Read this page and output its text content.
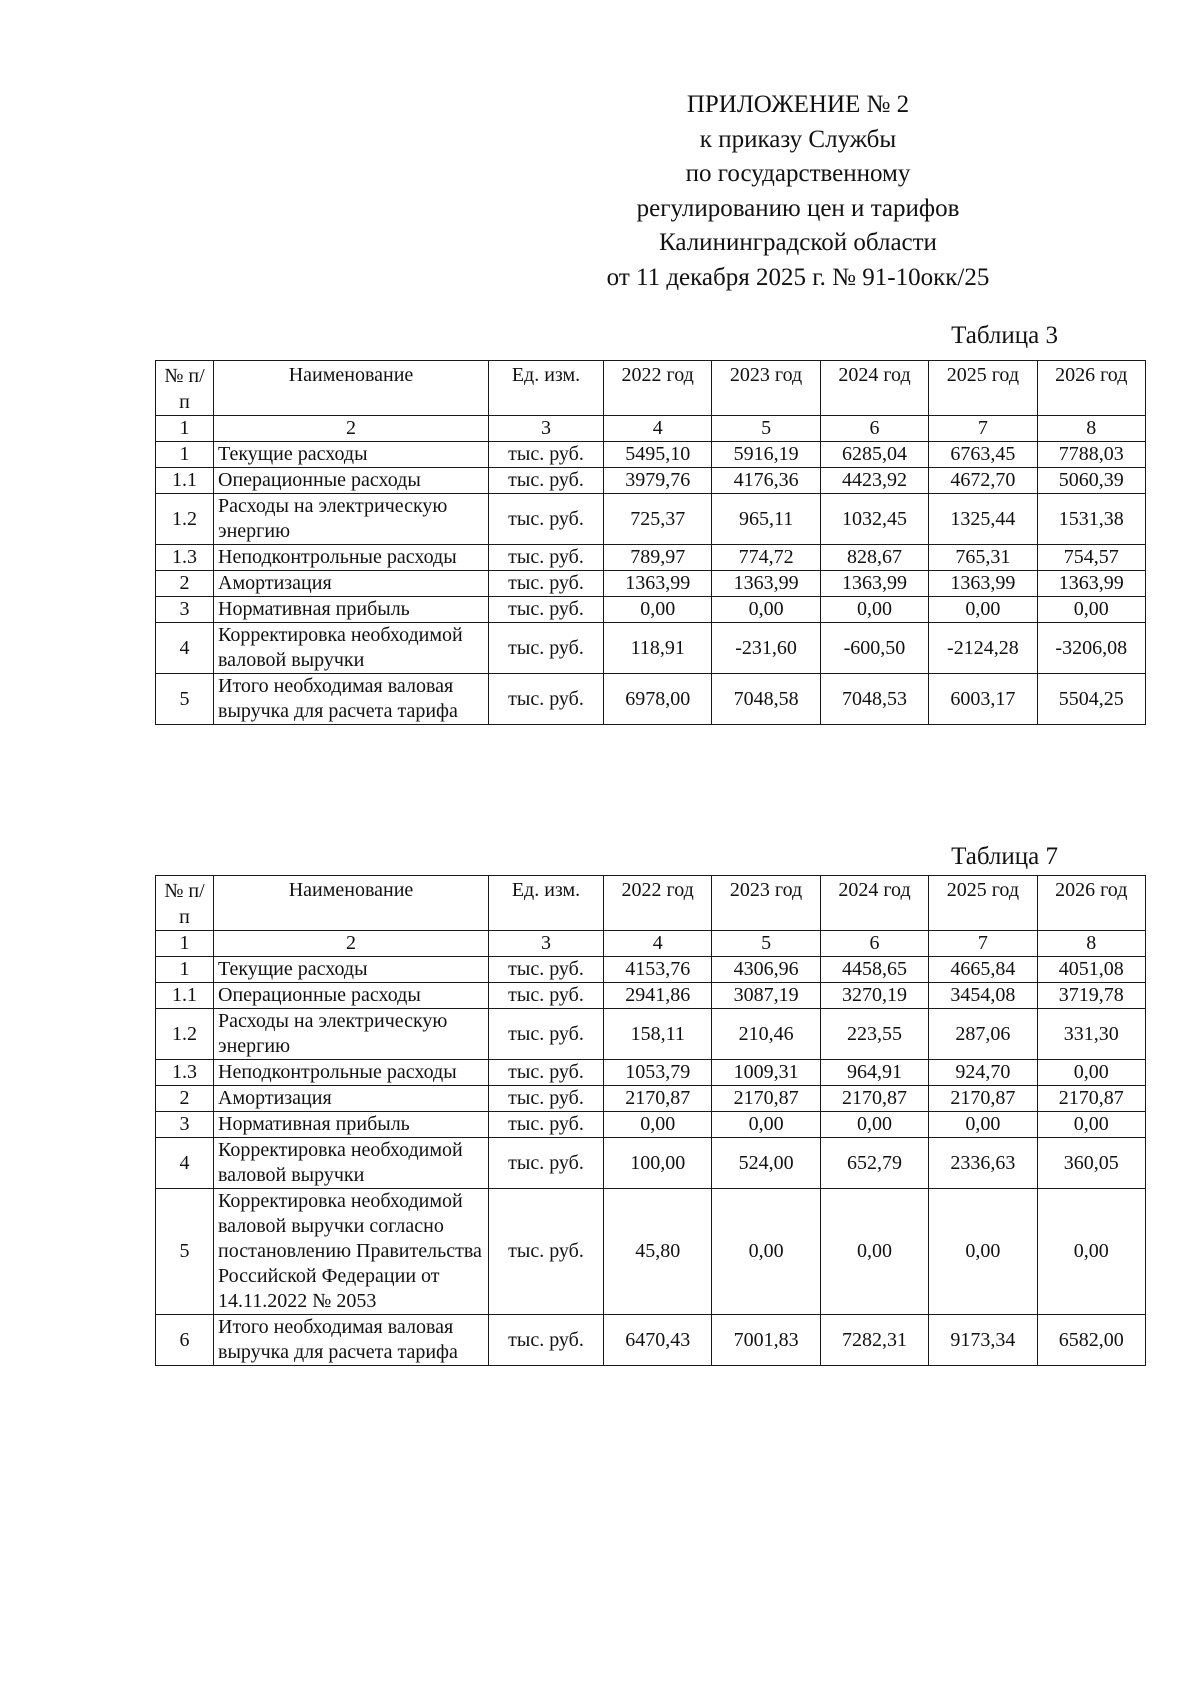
ПРИЛОЖЕНИЕ № 2
к приказу Службы
по государственному
регулированию цен и тарифов
Калининградской области
от 11 декабря 2025 г. № 91-10окк/25
Таблица 3
№ п/п	Наименование	Ед. изм.	2022 год	2023 год	2024 год	2025 год	2026 год
1	2	3	4	5	6	7	8
1	Текущие расходы	тыс. руб.	5495,10	5916,19	6285,04	6763,45	7788,03
1.1	Операционные расходы	тыс. руб.	3979,76	4176,36	4423,92	4672,70	5060,39
1.2	Расходы на электрическую энергию	тыс. руб.	725,37	965,11	1032,45	1325,44	1531,38
1.3	Неподконтрольные расходы	тыс. руб.	789,97	774,72	828,67	765,31	754,57
2	Амортизация	тыс. руб.	1363,99	1363,99	1363,99	1363,99	1363,99
3	Нормативная прибыль	тыс. руб.	0,00	0,00	0,00	0,00	0,00
4	Корректировка необходимой валовой выручки	тыс. руб.	118,91	-231,60	-600,50	-2124,28	-3206,08
5	Итого необходимая валовая выручка для расчета тарифа	тыс. руб.	6978,00	7048,58	7048,53	6003,17	5504,25
Таблица 7
№ п/п	Наименование	Ед. изм.	2022 год	2023 год	2024 год	2025 год	2026 год
1	2	3	4	5	6	7	8
1	Текущие расходы	тыс. руб.	4153,76	4306,96	4458,65	4665,84	4051,08
1.1	Операционные расходы	тыс. руб.	2941,86	3087,19	3270,19	3454,08	3719,78
1.2	Расходы на электрическую энергию	тыс. руб.	158,11	210,46	223,55	287,06	331,30
1.3	Неподконтрольные расходы	тыс. руб.	1053,79	1009,31	964,91	924,70	0,00
2	Амортизация	тыс. руб.	2170,87	2170,87	2170,87	2170,87	2170,87
3	Нормативная прибыль	тыс. руб.	0,00	0,00	0,00	0,00	0,00
4	Корректировка необходимой валовой выручки	тыс. руб.	100,00	524,00	652,79	2336,63	360,05
5	Корректировка необходимой валовой выручки согласно постановлению Правительства Российской Федерации от 14.11.2022 № 2053	тыс. руб.	45,80	0,00	0,00	0,00	0,00
6	Итого необходимая валовая выручка для расчета тарифа	тыс. руб.	6470,43	7001,83	7282,31	9173,34	6582,00
